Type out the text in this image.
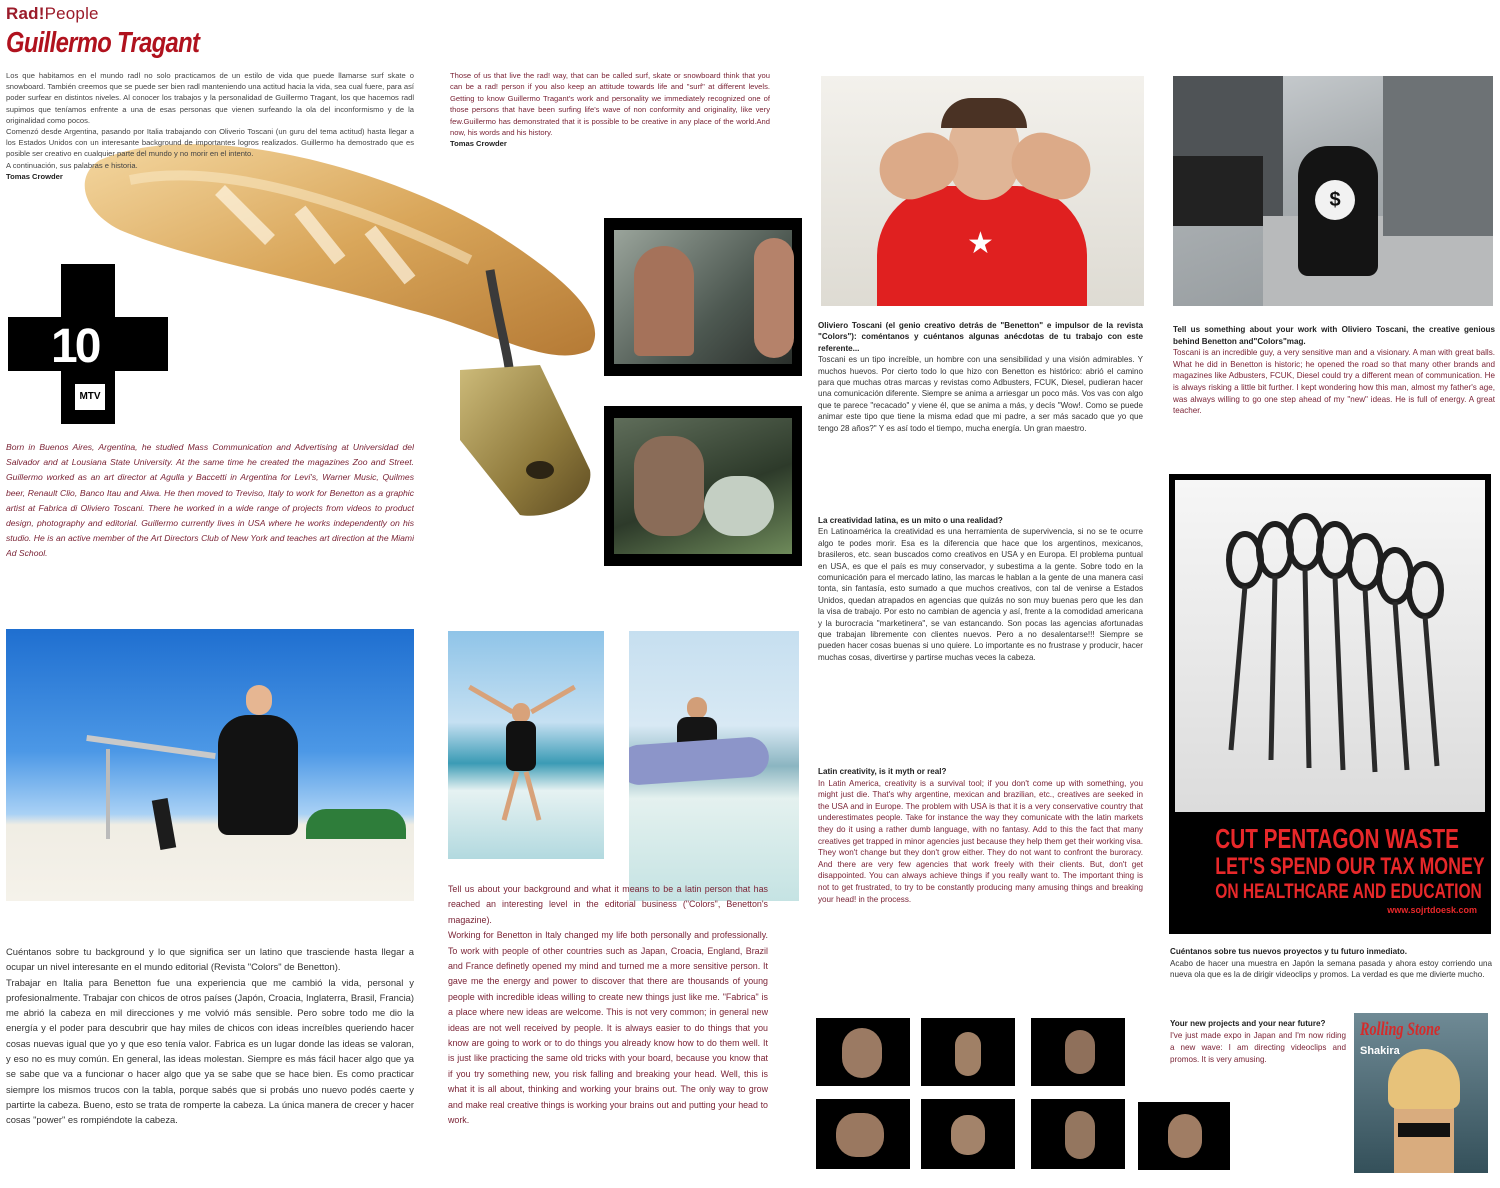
Rad!People
Guillermo Tragant

Los que habitamos en el mundo radl no solo practicamos de un estilo de vida que puede llamarse surf skate o snowboard. También creemos que se puede ser bien radl manteniendo una actitud hacia la vida, sea cual fuere, para así poder surfear en distintos niveles. Al conocer los trabajos y la personalidad de Guillermo Tragant, los que hacemos radl supimos que teníamos enfrente a una de esas personas que vienen surfeando la ola del inconformismo y de la originalidad como pocos.

Comenzó desde Argentina, pasando por Italia trabajando con Oliverio Toscani (un guru del tema actitud) hasta llegar a los Estados Unidos con un interesante background de importantes logros realizados. Guillermo ha demostrado que es posible ser creativo en cualquier parte del mundo y no morir en el intento.

A continuación, sus palabras e historia.

Tomas Crowder

Those of us that live the rad! way, that can be called surf, skate or snowboard think that you can be a rad! person if you also keep an attitude towards life and "surf" at different levels. Getting to know Guillermo Tragant's work and personality we immediately recognized one of those persons that have been surfing life's wave of non conformity and originality, like very few.Guillermo has demonstrated that it is possible to be creative in any place of the world.And now, his words and his history.

Tomas Crowder

10
MTV

Born in Buenos Aires, Argentina, he studied Mass Communication and Advertising at Universidad del Salvador and at Lousiana State University. At the same time he created the magazines Zoo and Street. Guillermo worked as an art director at Agulla y Baccetti in Argentina for Levi's, Warner Music, Quilmes beer, Renault Clio, Banco Itau and Aiwa. He then moved to Treviso, Italy to work for Benetton as a graphic artist at Fabrica di Oliviero Toscani. There he worked in a wide range of projects from videos to product design, photography and editorial. Guillermo currently lives in USA where he works independently on his studio. He is an active member of the Art Directors Club of New York and teaches art direction at the Miami Ad School.

★
$

Oliviero Toscani (el genio creativo detrás de "Benetton" e impulsor de la revista "Colors"): coméntanos y cuéntanos algunas anécdotas de tu trabajo con este referente...

Toscani es un tipo increíble, un hombre con una sensibilidad y una visión admirables. Y muchos huevos. Por cierto todo lo que hizo con Benetton es histórico: abrió el camino para que muchas otras marcas y revistas como Adbusters, FCUK, Diesel, pudieran hacer una comunicación diferente. Siempre se anima a arriesgar un poco más. Vos vas con algo que te parece "recacado" y viene él, que se anima a más, y decís "Wow!. Como se puede animar este tipo que tiene la misma edad que mi padre, a ser más sacado que yo que tengo 28 años?" Y es así todo el tiempo, mucha energía. Un gran maestro.

Tell us something about your work with Oliviero Toscani, the creative genious behind Benetton and"Colors"mag.

Toscani is an incredible guy, a very sensitive man and a visionary. A man with great balls. What he did in Benetton is historic; he opened the road so that many other brands and magazines like Adbusters, FCUK, Diesel could try a different mean of communication. He is always risking a little bit further. I kept wondering how this man, almost my father's age, was always willing to go one step ahead of my "new" ideas. He is full of energy. A great teacher.

La creatividad latina, es un mito o una realidad?

En Latinoamérica la creatividad es una herramienta de supervivencia, si no se te ocurre algo te podes morir. Esa es la diferencia que hace que los argentinos, mexicanos, brasileros, etc. sean buscados como creativos en USA y en Europa. El problema puntual en USA, es que el país es muy conservador, y subestima a la gente. Sobre todo en la comunicación para el mercado latino, las marcas le hablan a la gente de una manera casi tonta, sin fantasía, esto sumado a que muchos creativos, con tal de venirse a Estados Unidos, quedan atrapados en agencias que quizás no son muy buenas pero que les dan la visa de trabajo. Por esto no cambian de agencia y así, frente a la comodidad americana y la burocracia "marketinera", se van estancando. Son pocas las agencias afortunadas que trabajan libremente con clientes nuevos. Pero a no desalentarse!!! Siempre se pueden hacer cosas buenas si uno quiere. Lo importante es no frustrase y producir, hacer muchas cosas, divertirse y partirse muchas veces la cabeza.

Latin creativity, is it myth or real?

In Latin America, creativity is a survival tool; if you don't come up with something, you might just die. That's why argentine, mexican and brazilian, etc., creatives are seeked in the USA and in Europe. The problem with USA is that it is a very conservative country that underestimates people. Take for instance the way they comunicate with the latin markets they do it using a rather dumb language, with no fantasy. Add to this the fact that many creatives get trapped in minor agencies just because they help them get their working visa. They won't change but they don't grow either. They do not want to confront the buroracy. And there are very few agencies that work freely with their clients. But, don't get disappointed. You can always achieve things if you really want to. The important thing is not to get frustrated, to try to be constantly producing many amusing things and breaking your head! in the process.

CUT PENTAGON WASTE
LET'S SPEND OUR TAX MONEY
ON HEALTHCARE AND EDUCATION
www.sojrtdoesk.com

Cuéntanos sobre tus nuevos proyectos y tu futuro inmediato.

Acabo de hacer una muestra en Japón la semana pasada y ahora estoy corriendo una nueva ola que es la de dirigir videoclips y promos. La verdad es que me divierte mucho.

Your new projects and your near future?

I've just made expo in Japan and I'm now riding a new wave: I am directing videoclips and promos. It is very amusing.

Rolling Stone
Shakira

Cuéntanos sobre tu background y lo que significa ser un latino que trasciende hasta llegar a ocupar un nivel interesante en el mundo editorial (Revista "Colors" de Benetton).

Trabajar en Italia para Benetton fue una experiencia que me cambió la vida, personal y profesionalmente. Trabajar con chicos de otros países (Japón, Croacia, Inglaterra, Brasil, Francia) me abrió la cabeza en mil direcciones y me volvió más sensible. Pero sobre todo me dio la energía y el poder para descubrir que hay miles de chicos con ideas increíbles queriendo hacer cosas nuevas igual que yo y que eso tenía valor. Fabrica es un lugar donde las ideas se valoran, y eso no es muy común. En general, las ideas molestan. Siempre es más fácil hacer algo que ya se sabe que va a funcionar o hacer algo que ya se sabe que se hace bien. Es como practicar siempre los mismos trucos con la tabla, porque sabés que si probás uno nuevo podés caerte y partirte la cabeza. Bueno, esto se trata de romperte la cabeza. La única manera de crecer y hacer cosas "power" es rompiéndote la cabeza.

Tell us about your background and what it means to be a latin person that has reached an interesting level in the editorial business ("Colors", Benetton's magazine).

Working for Benetton in Italy changed my life both personally and professionally. To work with people of other countries such as Japan, Croacia, England, Brazil and France definetly opened my mind and turned me a more sensitive person. It gave me the energy and power to discover that there are thousands of young people with incredible ideas willing to create new things just like me. "Fabrica" is a place where new ideas are welcome. This is not very common; in general new ideas are not well received by people. It is always easier to do things that you know are going to work or to do things you already know how to do them well. It is just like practicing the same old tricks with your board, because you know that if you try something new, you risk falling and breaking your head. Well, this is what it is all about, thinking and working your brains out. The only way to grow and make real creative things is working your brains out and putting your head to work.
